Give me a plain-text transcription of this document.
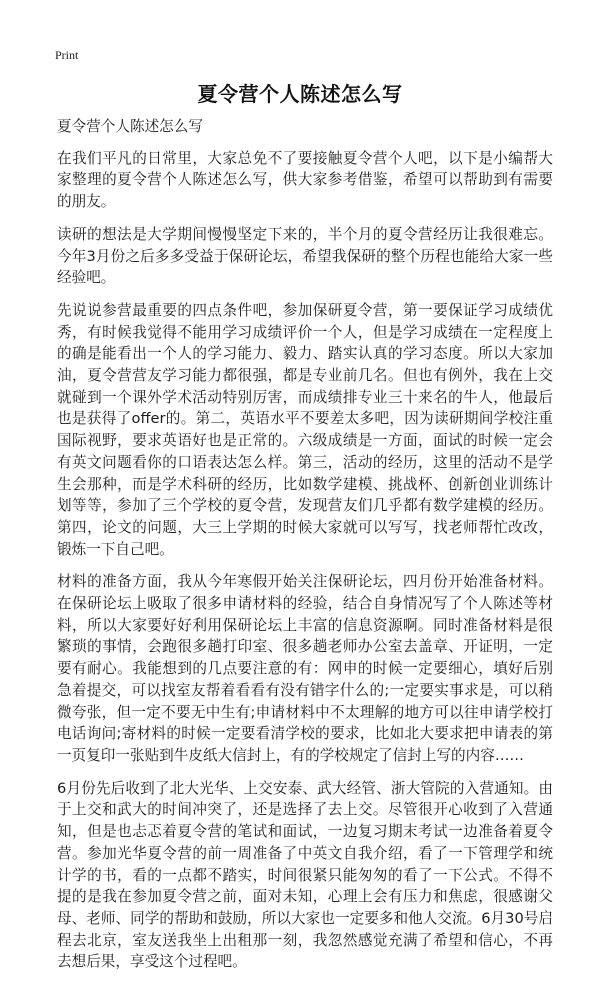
Print
夏令营个人陈述怎么写

夏令营个人陈述怎么写

在我们平凡的日常里，大家总免不了要接触夏令营个人吧，以下是小编帮大家整理的夏令营个人陈述怎么写，供大家参考借鉴，希望可以帮助到有需要的朋友。

读研的想法是大学期间慢慢坚定下来的，半个月的夏令营经历让我很难忘。今年3月份之后多多受益于保研论坛，希望我保研的整个历程也能给大家一些经验吧。

先说说参营最重要的四点条件吧，参加保研夏令营，第一要保证学习成绩优秀，有时候我觉得不能用学习成绩评价一个人，但是学习成绩在一定程度上的确是能看出一个人的学习能力、毅力、踏实认真的学习态度。所以大家加油，夏令营营友学习能力都很强，都是专业前几名。但也有例外，我在上交就碰到一个课外学术活动特别厉害，而成绩排专业三十来名的牛人，他最后也是获得了offer的。第二，英语水平不要差太多吧，因为读研期间学校注重国际视野，要求英语好也是正常的。六级成绩是一方面，面试的时候一定会有英文问题看你的口语表达怎么样。第三，活动的经历，这里的活动不是学生会那种，而是学术科研的经历，比如数学建模、挑战杯、创新创业训练计划等等，参加了三个学校的夏令营，发现营友们几乎都有数学建模的经历。第四，论文的问题，大三上学期的时候大家就可以写写，找老师帮忙改改，锻炼一下自己吧。

材料的准备方面，我从今年寒假开始关注保研论坛，四月份开始准备材料。在保研论坛上吸取了很多申请材料的经验，结合自身情况写了个人陈述等材料，所以大家要好好利用保研论坛上丰富的信息资源啊。同时准备材料是很繁琐的事情，会跑很多趟打印室、很多趟老师办公室去盖章、开证明，一定要有耐心。我能想到的几点要注意的有：网申的时候一定要细心，填好后别急着提交，可以找室友帮着看看有没有错字什么的;一定要实事求是，可以稍微夸张，但一定不要无中生有;申请材料中不太理解的地方可以往申请学校打电话询问;寄材料的时候一定要看清学校的要求，比如北大要求把申请表的第一页复印一张贴到牛皮纸大信封上，有的学校规定了信封上写的内容……

6月份先后收到了北大光华、上交安泰、武大经管、浙大管院的入营通知。由于上交和武大的时间冲突了，还是选择了去上交。尽管很开心收到了入营通知，但是也忐忑着夏令营的笔试和面试，一边复习期末考试一边准备着夏令营。参加光华夏令营的前一周准备了中英文自我介绍，看了一下管理学和统计学的书，看的一点都不踏实，时间很紧只能匆匆的看了一下公式。不得不提的是我在参加夏令营之前，面对未知，心理上会有压力和焦虑，很感谢父母、老师、同学的帮助和鼓励，所以大家也一定要多和他人交流。6月30号启程去北京，室友送我坐上出租那一刻，我忽然感觉充满了希望和信心，不再去想后果，享受这个过程吧。
